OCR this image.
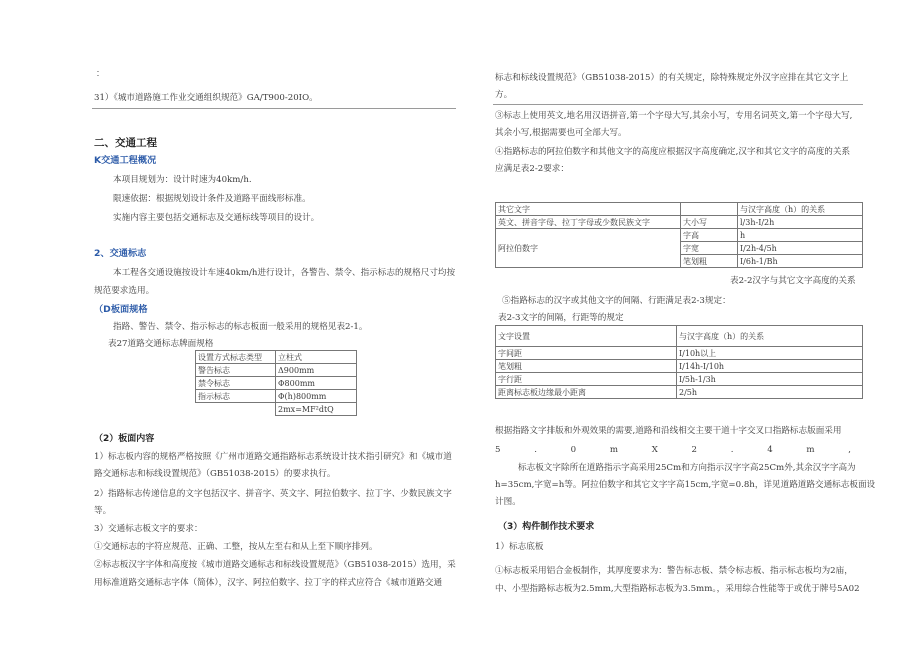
：
31）《城市道路施工作业交通组织规范》GA/T900-20IO。
二、交通工程
K交通工程概况
本项目规划为：设计时速为40km/h.
限速依据：根据规划设计条件及道路平面线形标准。
实施内容主要包括交通标志及交通标线等项目的设计。
2、交通标志
本工程各交通设施按设计车速40km/h进行设计，各警告、禁令、指示标志的规格尺寸均按
规范要求选用。
（D板面规格
指路、警告、禁令、指示标志的标志板面一般采用的规格见表2-1。
表27道路交通标志牌面规格
设置方式标志类型	立柱式
警告标志	Δ900mm
禁令标志	Φ800mm
指示标志	Φ(h)800mm
	2mx=MF²dtQ
（2）板面内容
1）标志板内容的规格严格按照《广州市道路交通指路标志系统设计技术指引研究》和《城市道
路交通标志和标线设置规范》（GB51038-2015）的要求执行。
2）指路标志传递信息的文字包括汉字、拼音字、英文字、阿拉伯数字、拉丁字、少数民族文字
等。
3）交通标志板文字的要求：
①交通标志的字符应规范、正确、工整，按从左至右和从上至下顺序排列。
②标志板汉字字体和高度按《城市道路交通标志和标线设置规范》（GB51038-2015）选用，采
用标准道路交通标志字体（简体），汉字、阿拉伯数字、拉丁字的样式应符合《城市道路交通
标志和标线设置规范》（GB51038-2015）的有关规定，除特殊规定外汉字应排在其它文字上
方。
③标志上使用英文,地名用汉语拼音,第一个字母大写,其余小写，专用名词英文,第一个字母大写,
其余小写,根据需要也可全部大写。
④指路标志的阿拉伯数字和其他文字的高度应根据汉字高度确定,汉字和其它文字的高度的关系
应满足表2-2要求：
其它文字		与汉字高度（h）的关系
英文、拼音字母、拉丁字母或少数民族文字	大小写	l/3h-I/2h
阿拉伯数字	字高	h
	字宽	I/2h-4/5h
	笔划粗	I/6h-1/Bh
表2-2汉字与其它文字高度的关系
⑤指路标志的汉字或其他文字的间隔、行距满足表2-3规定：
表2-3文字的间隔，行距等的规定
文字设置	与汉字高度（h）的关系
字间距	I/10h以上
笔划粗	I/14h-I/10h
字行距	I/5h-1/3h
距离标志板边缘最小距离	2/5h
根据指路文字排版和外观效果的需要,道路和沿线相交主要干道十字交叉口指路标志版面采用
5	.	0	m	X	2	.	4	m	,
标志板文字除所在道路指示字高采用25Cm和方向指示汉字字高25Cm外,其余汉字字高为
h=35cm,字宽=h等。阿拉伯数字和其它文字字高15cm,字宽=0.8h，详见道路道路交通标志板面设
计图。
（3）构件制作技术要求
1）标志底板
①标志板采用铝合金板制作，其厚度要求为：警告标志板、禁令标志板、指示标志板均为2庙，
中、小型指路标志板为2.5mm,大型指路标志板为3.5mm。，采用综合性能等于或优于牌号5A02
